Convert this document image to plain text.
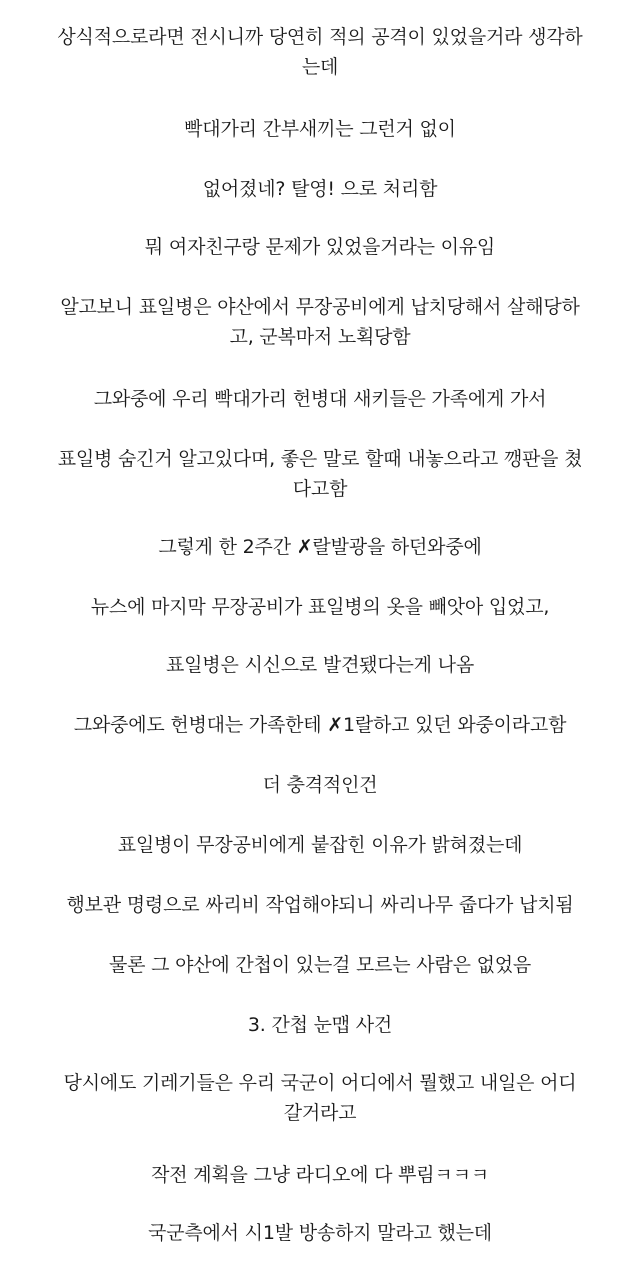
상식적으로라면 전시니까 당연히 적의 공격이 있었을거라 생각하
는데
빡대가리 간부새끼는 그런거 없이
없어졌네? 탈영! 으로 처리함
뭐 여자친구랑 문제가 있었을거라는 이유임
알고보니 표일병은 야산에서 무장공비에게 납치당해서 살해당하
고, 군복마저 노획당함
그와중에 우리 빡대가리 헌병대 새키들은 가족에게 가서
표일병 숨긴거 알고있다며, 좋은 말로 할때 내놓으라고 깽판을 쳤
다고함
그렇게 한 2주간 ✗랄발광을 하던와중에
뉴스에 마지막 무장공비가 표일병의 옷을 빼앗아 입었고,
표일병은 시신으로 발견됐다는게 나옴
그와중에도 헌병대는 가족한테 ✗1랄하고 있던 와중이라고함
더 충격적인건
표일병이 무장공비에게 붙잡힌 이유가 밝혀졌는데
행보관 명령으로 싸리비 작업해야되니 싸리나무 줍다가 납치됨
물론 그 야산에 간첩이 있는걸 모르는 사람은 없었음
3. 간첩 눈맵 사건
당시에도 기레기들은 우리 국군이 어디에서 뭘했고 내일은 어디
갈거라고
작전 계획을 그냥 라디오에 다 뿌림ㅋㅋㅋ
국군측에서 시1발 방송하지 말라고 했는데
